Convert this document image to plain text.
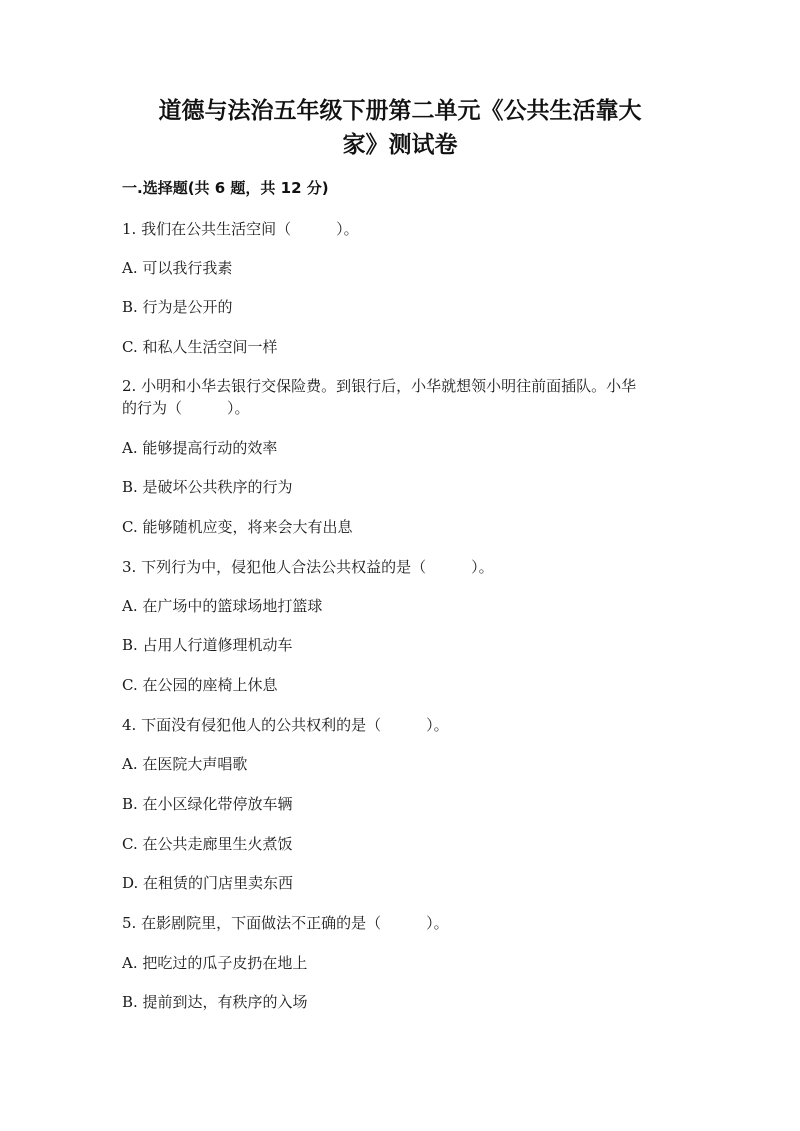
道德与法治五年级下册第二单元《公共生活靠大
家》测试卷
一.选择题(共 6 题，共 12 分)
1. 我们在公共生活空间（　　　）。
A. 可以我行我素
B. 行为是公开的
C. 和私人生活空间一样
2. 小明和小华去银行交保险费。到银行后，小华就想领小明往前面插队。小华
的行为（　　　）。
A. 能够提高行动的效率
B. 是破坏公共秩序的行为
C. 能够随机应变，将来会大有出息
3. 下列行为中，侵犯他人合法公共权益的是（　　　）。
A. 在广场中的篮球场地打篮球
B. 占用人行道修理机动车
C. 在公园的座椅上休息
4. 下面没有侵犯他人的公共权利的是（　　　）。
A. 在医院大声唱歌
B. 在小区绿化带停放车辆
C. 在公共走廊里生火煮饭
D. 在租赁的门店里卖东西
5. 在影剧院里，下面做法不正确的是（　　　）。
A. 把吃过的瓜子皮扔在地上
B. 提前到达，有秩序的入场
